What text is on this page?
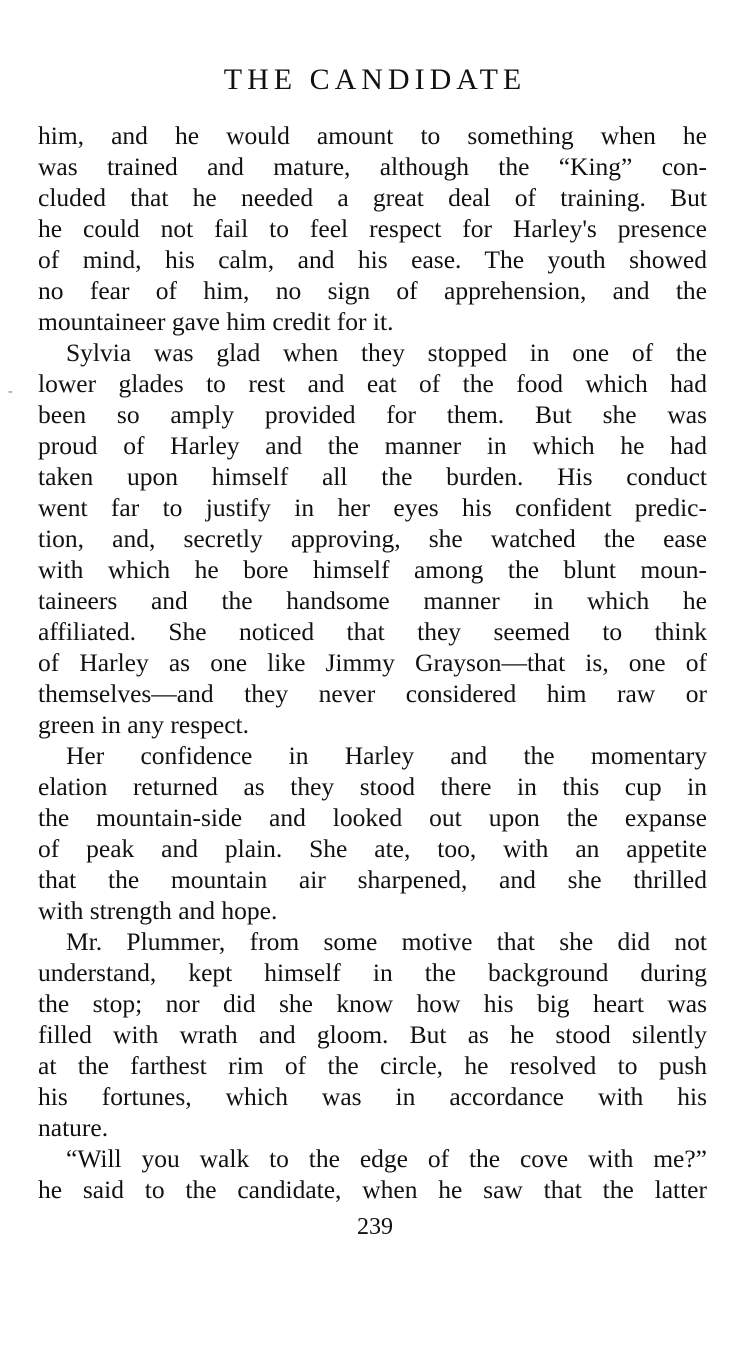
THE CANDIDATE
-
him, and he would amount to something when he
was trained and mature, although the “King” con-
cluded that he needed a great deal of training. But
he could not fail to feel respect for Harley's presence
of mind, his calm, and his ease. The youth showed
no fear of him, no sign of apprehension, and the
mountaineer gave him credit for it.
Sylvia was glad when they stopped in one of the
lower glades to rest and eat of the food which had
been so amply provided for them. But she was
proud of Harley and the manner in which he had
taken upon himself all the burden. His conduct
went far to justify in her eyes his confident predic-
tion, and, secretly approving, she watched the ease
with which he bore himself among the blunt moun-
taineers and the handsome manner in which he
affiliated. She noticed that they seemed to think
of Harley as one like Jimmy Grayson—that is, one of
themselves—and they never considered him raw or
green in any respect.
Her confidence in Harley and the momentary
elation returned as they stood there in this cup in
the mountain-side and looked out upon the expanse
of peak and plain. She ate, too, with an appetite
that the mountain air sharpened, and she thrilled
with strength and hope.
Mr. Plummer, from some motive that she did not
understand, kept himself in the background during
the stop; nor did she know how his big heart was
filled with wrath and gloom. But as he stood silently
at the farthest rim of the circle, he resolved to push
his fortunes, which was in accordance with his
nature.
“Will you walk to the edge of the cove with me?”
he said to the candidate, when he saw that the latter
239
